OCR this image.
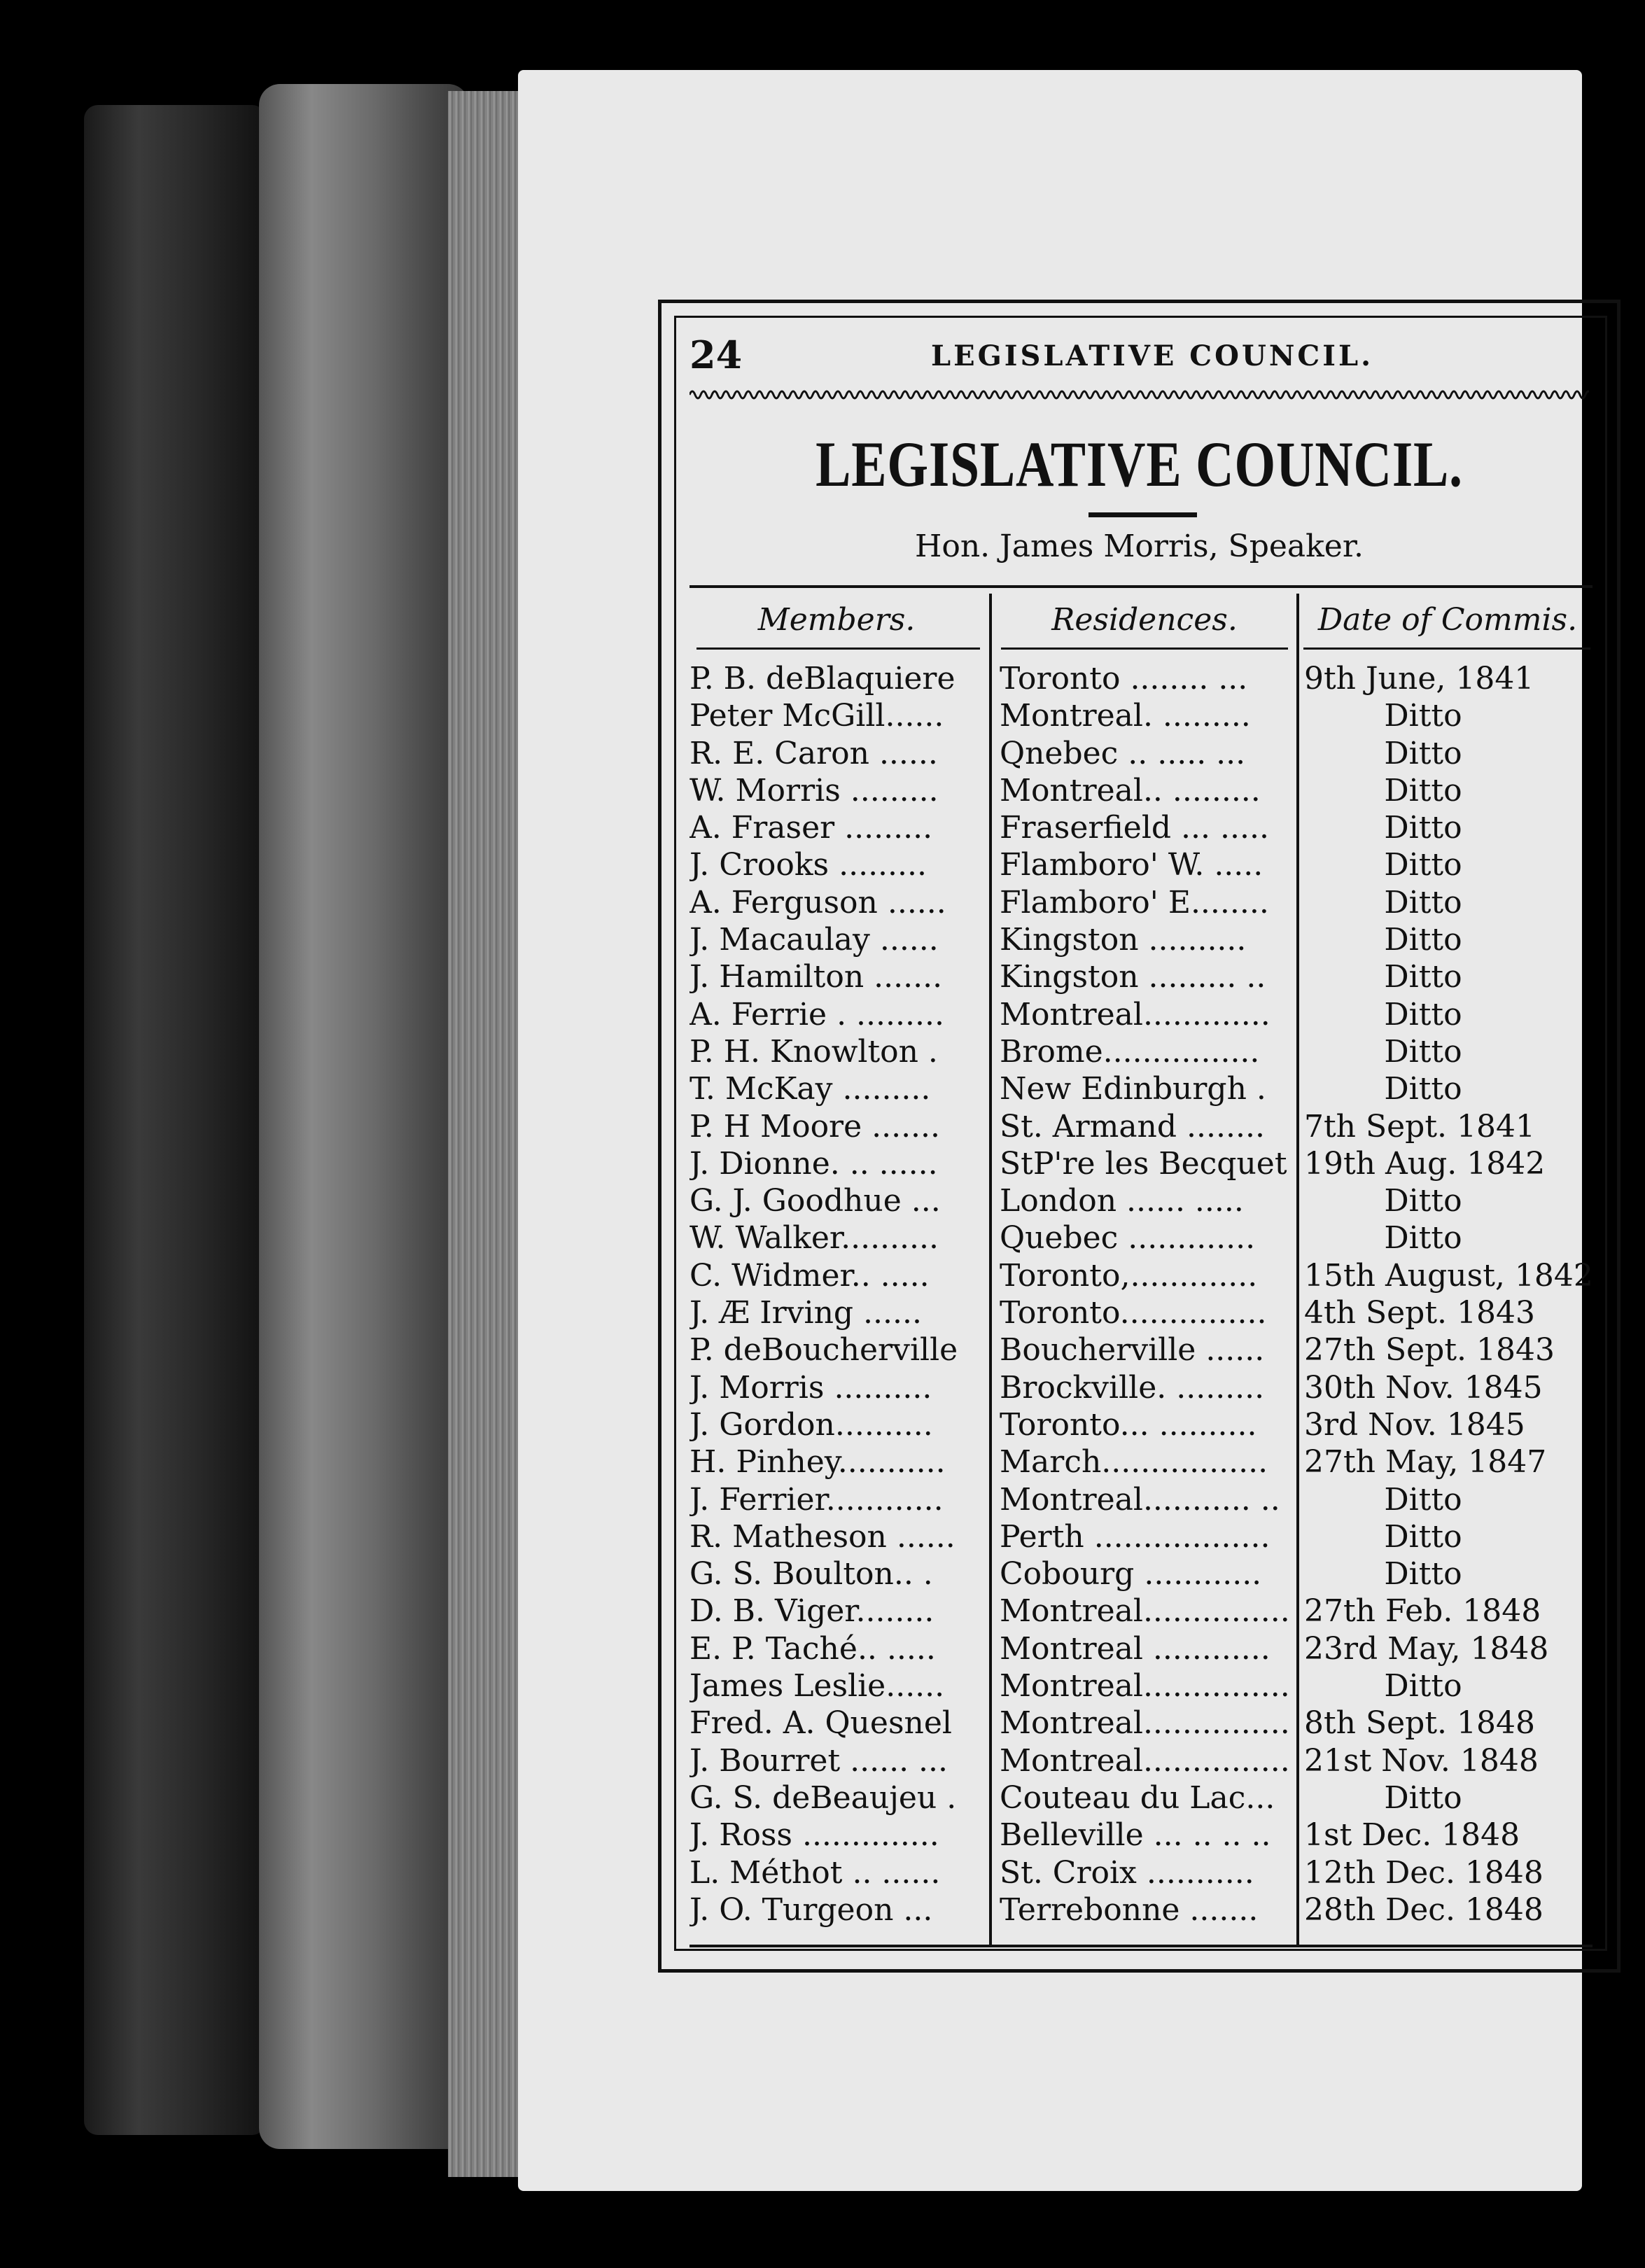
24	LEGISLATIVE COUNCIL.
LEGISLATIVE COUNCIL.
Hon. James Morris, Speaker.
Members.	Residences.	Date of Commis.
P. B. deBlaquiere	Toronto ........ ...	9th June, 1841
Peter McGill......	Montreal. .........	Ditto
R. E. Caron ......	Qnebec .. ..... ...	Ditto
W. Morris .........	Montreal.. .........	Ditto
A. Fraser .........	Fraserfield ... .....	Ditto
J. Crooks .........	Flamboro' W. .....	Ditto
A. Ferguson ......	Flamboro' E........	Ditto
J. Macaulay ......	Kingston ..........	Ditto
J. Hamilton .......	Kingston ......... ..	Ditto
A. Ferrie . .........	Montreal.............	Ditto
P. H. Knowlton .	Brome................	Ditto
T. McKay .........	New Edinburgh .	Ditto
P. H Moore .......	St. Armand ........	7th Sept. 1841
J. Dionne. .. ......	StP're les Becquet 19th Aug. 1842
G. J. Goodhue ...	London ...... .....	Ditto
W. Walker..........	Quebec .............	Ditto
C. Widmer.. .....	Toronto,.............	15th August, 1842
J. Æ Irving ......	Toronto...............	4th Sept. 1843
P. deBoucherville	Boucherville ......	27th Sept. 1843
J. Morris ..........	Brockville. .........	30th Nov. 1845
J. Gordon..........	Toronto... ..........	3rd Nov. 1845
H. Pinhey...........	March.................	27th May, 1847
J. Ferrier............	Montreal........... ..	Ditto
R. Matheson ......	Perth ..................	Ditto
G. S. Boulton.. .	Cobourg ............	Ditto
D. B. Viger........	Montreal............... 27th Feb. 1848
E. P. Taché.. .....	Montreal ............	23rd May, 1848
James Leslie......	Montreal...............	Ditto
Fred. A. Quesnel	Montreal............... 8th Sept. 1848
J. Bourret ...... ...	Montreal............... 21st Nov. 1848
G. S. deBeaujeu .	Couteau du Lac...	Ditto
J. Ross ..............	Belleville ... .. .. ..	1st Dec. 1848
L. Méthot .. ......	St. Croix ...........	12th Dec. 1848
J. O. Turgeon ...	Terrebonne .......	28th Dec. 1848
